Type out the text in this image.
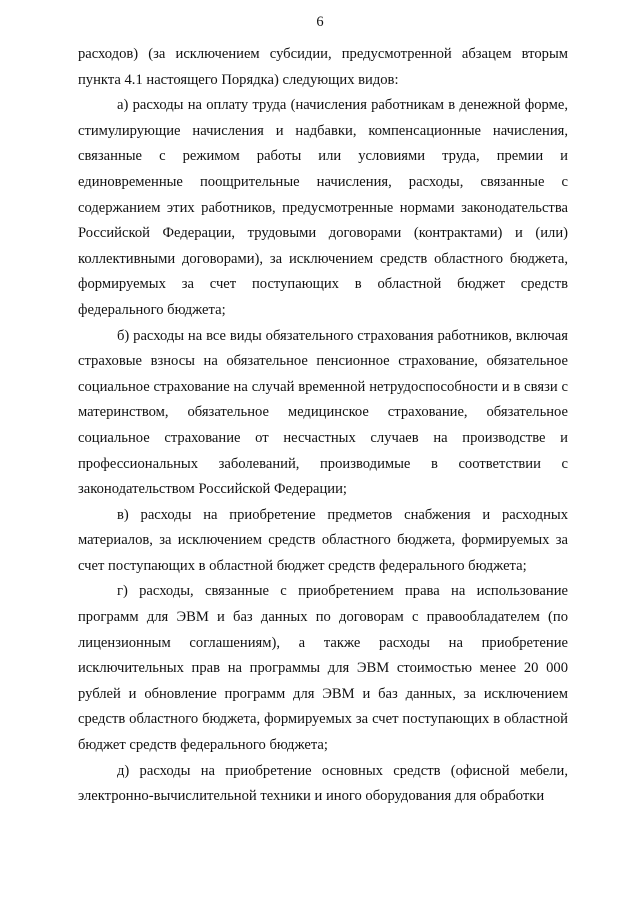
6

расходов) (за исключением субсидии, предусмотренной абзацем вторым пункта 4.1 настоящего Порядка) следующих видов:

а) расходы на оплату труда (начисления работникам в денежной форме, стимулирующие начисления и надбавки, компенсационные начисления, связанные с режимом работы или условиями труда, премии и единовременные поощрительные начисления, расходы, связанные с содержанием этих работников, предусмотренные нормами законодательства Российской Федерации, трудовыми договорами (контрактами) и (или) коллективными договорами), за исключением средств областного бюджета, формируемых за счет поступающих в областной бюджет средств федерального бюджета;

б) расходы на все виды обязательного страхования работников, включая страховые взносы на обязательное пенсионное страхование, обязательное социальное страхование на случай временной нетрудоспособности и в связи с материнством, обязательное медицинское страхование, обязательное социальное страхование от несчастных случаев на производстве и профессиональных заболеваний, производимые в соответствии с законодательством Российской Федерации;

в) расходы на приобретение предметов снабжения и расходных материалов, за исключением средств областного бюджета, формируемых за счет поступающих в областной бюджет средств федерального бюджета;

г) расходы, связанные с приобретением права на использование программ для ЭВМ и баз данных по договорам с правообладателем (по лицензионным соглашениям), а также расходы на приобретение исключительных прав на программы для ЭВМ стоимостью менее 20 000 рублей и обновление программ для ЭВМ и баз данных, за исключением средств областного бюджета, формируемых за счет поступающих в областной бюджет средств федерального бюджета;

д) расходы на приобретение основных средств (офисной мебели, электронно-вычислительной техники и иного оборудования для обработки
